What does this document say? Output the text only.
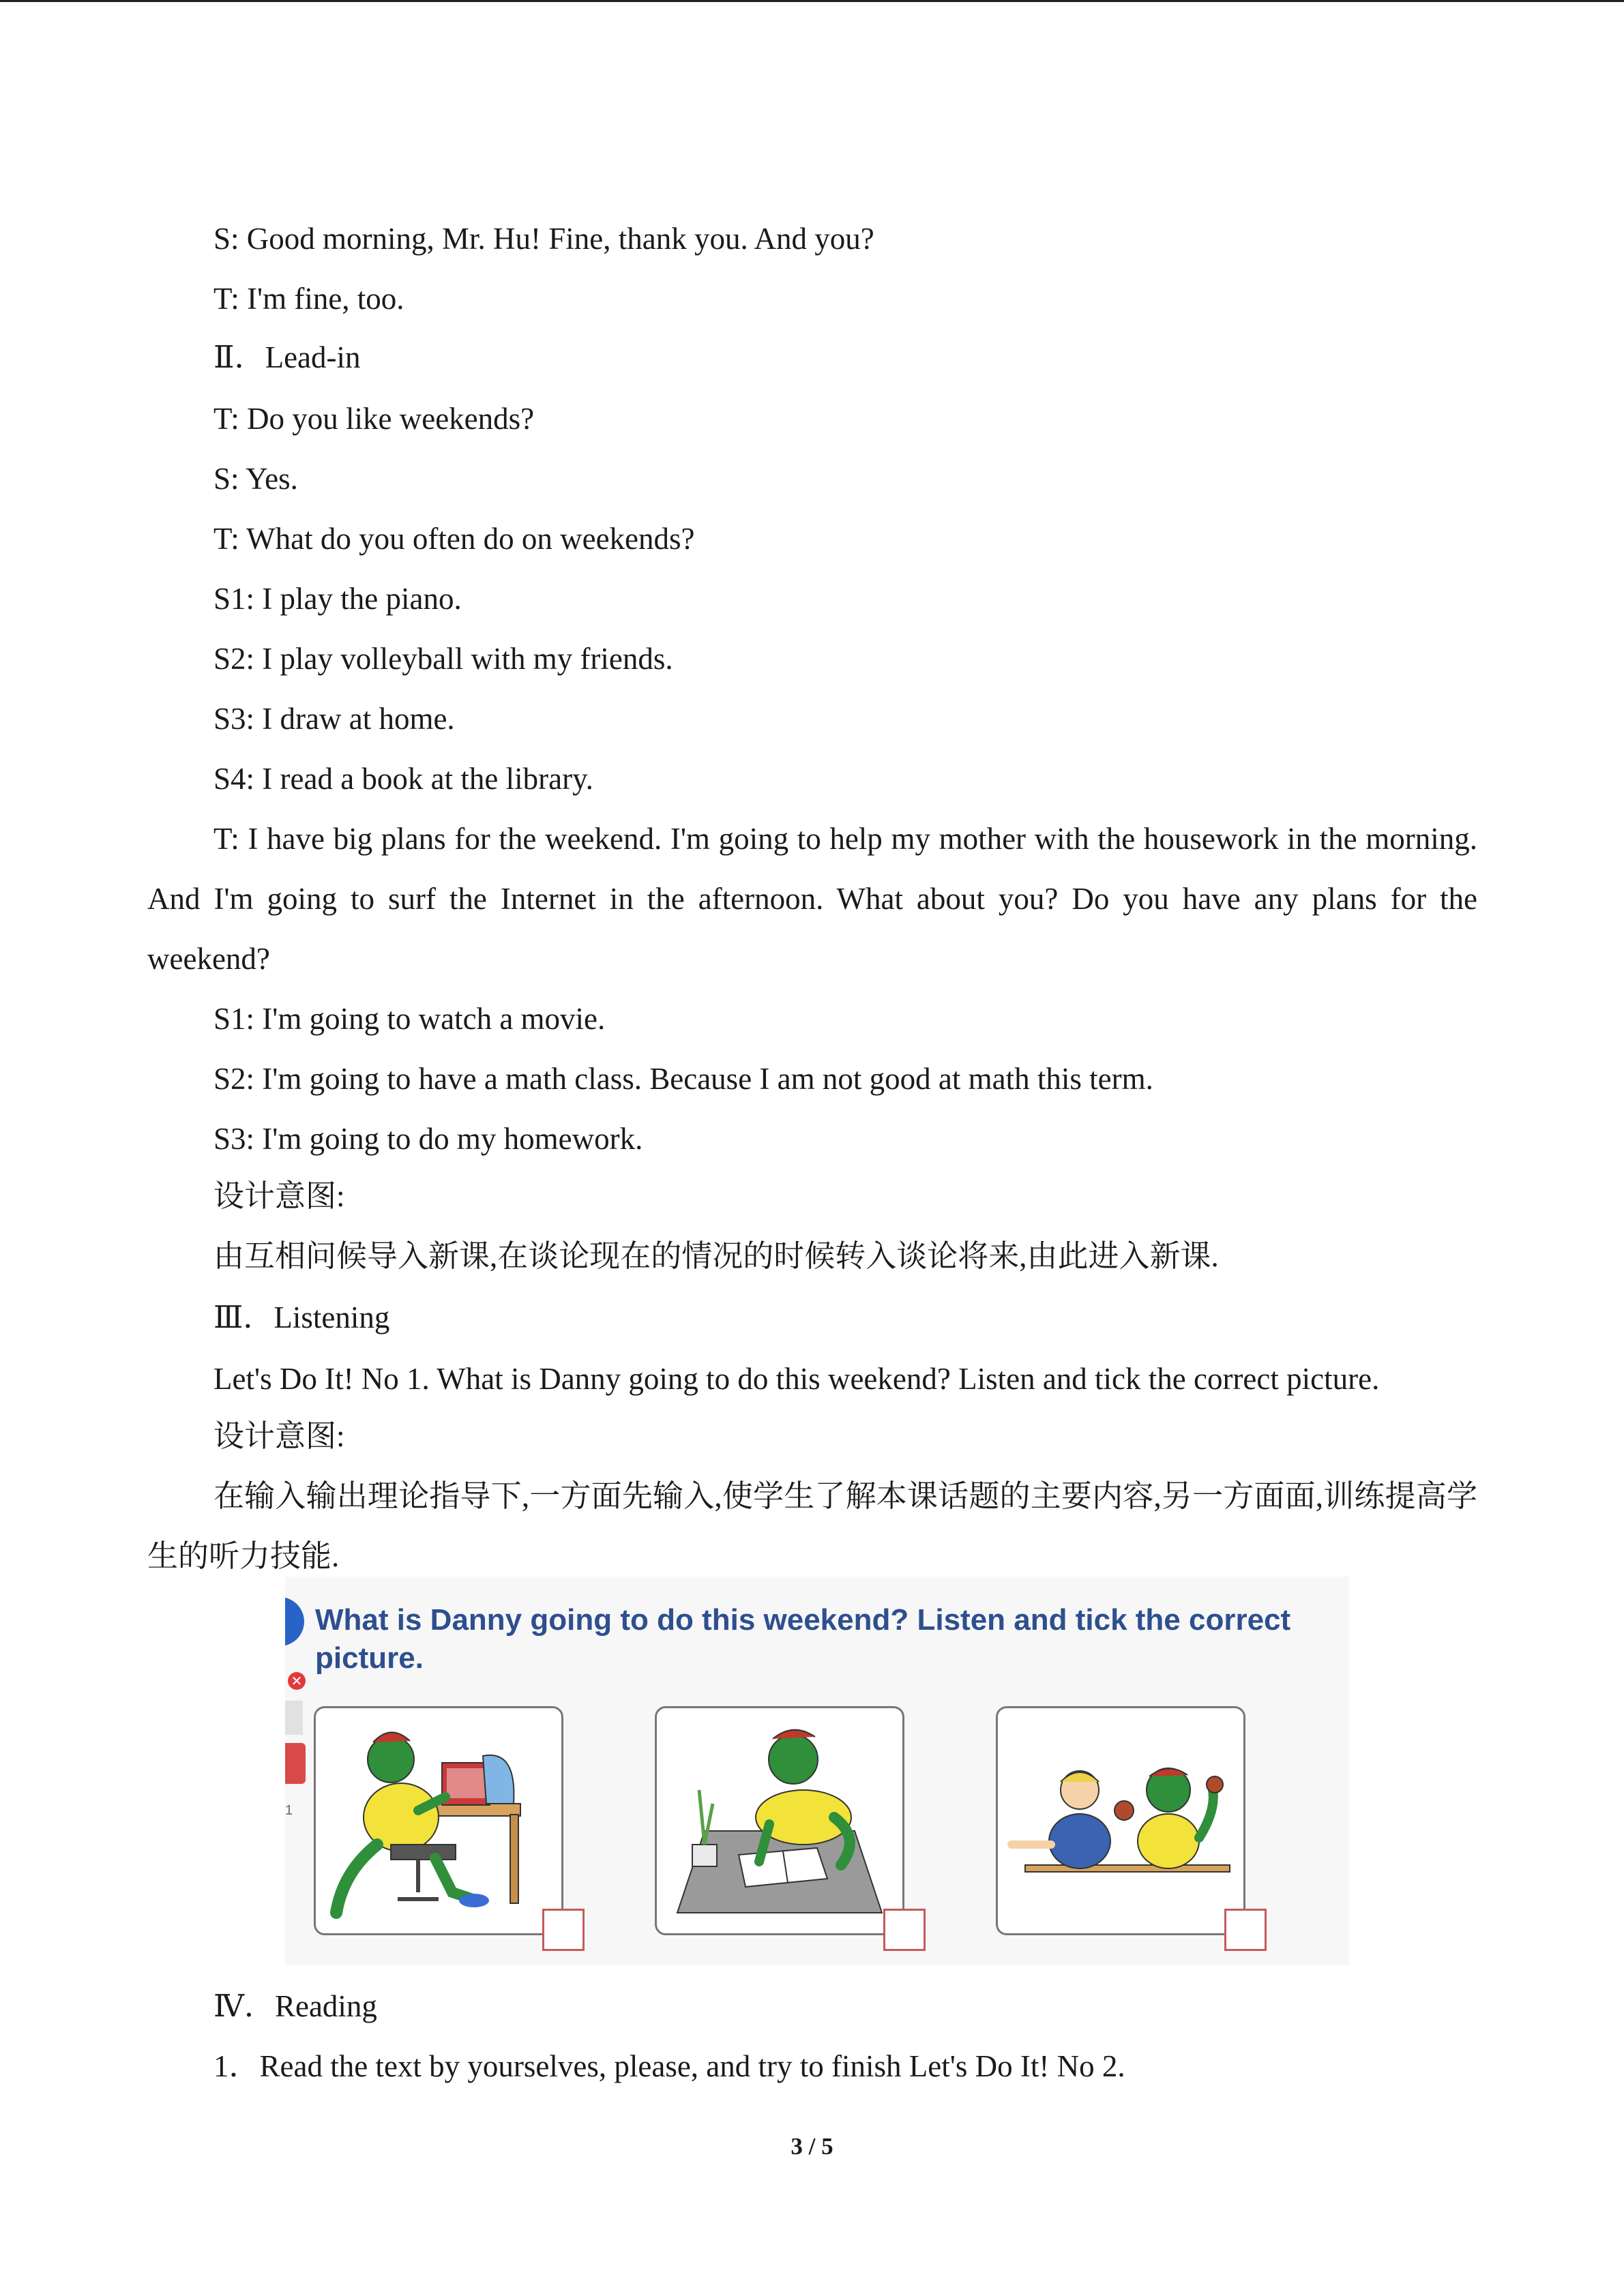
S: Good morning, Mr. Hu! Fine, thank you. And you?

T: I'm fine, too.

Ⅱ．Lead-in

T: Do you like weekends?

S: Yes.

T: What do you often do on weekends?

S1: I play the piano.

S2: I play volleyball with my friends.

S3: I draw at home.

S4: I read a book at the library.

T: I have big plans for the weekend. I'm going to help my mother with the housework in the morning. And I'm going to surf the Internet in the afternoon. What about you? Do you have any plans for the weekend?

S1: I'm going to watch a movie.

S2: I'm going to have a math class. Because I am not good at math this term.

S3: I'm going to do my homework.

设计意图:

由互相问候导入新课,在谈论现在的情况的时候转入谈论将来,由此进入新课.

Ⅲ．Listening

Let's Do It! No 1. What is Danny going to do this weekend? Listen and tick the correct picture.

设计意图:

在输入输出理论指导下,一方面先输入,使学生了解本课话题的主要内容,另一方面面,训练提高学生的听力技能.

✕
1

What is Danny going to do this weekend? Listen and tick the correct picture.

Ⅳ．Reading

1．Read the text by yourselves, please, and try to finish Let's Do It! No 2.

3 / 5
